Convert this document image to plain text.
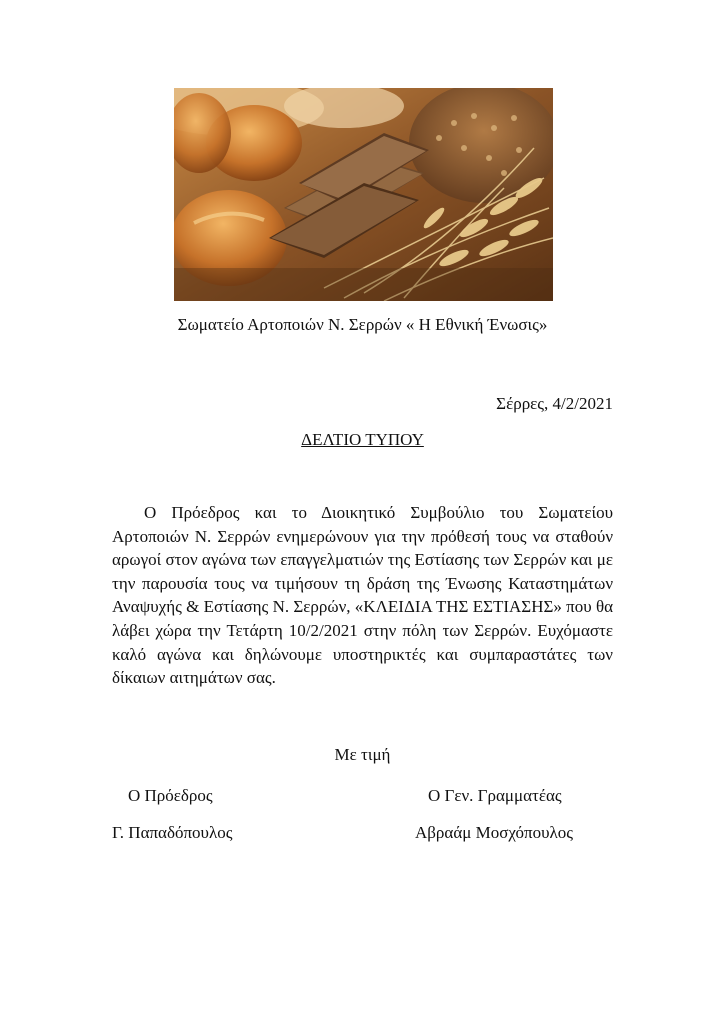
Σωματείο Αρτοποιών Ν. Σερρών « Η Εθνική Ένωσις»
Σέρρες, 4/2/2021
ΔΕΛΤΙΟ ΤΥΠΟΥ

Ο Πρόεδρος και το Διοικητικό Συμβούλιο του Σωματείου Αρτοποιών Ν. Σερρών ενημερώνουν για την πρόθεσή τους να σταθούν αρωγοί στον αγώνα των επαγγελματιών της Εστίασης των Σερρών και με την παρουσία τους να τιμήσουν τη δράση της Ένωσης Καταστημάτων Αναψυχής & Εστίασης Ν. Σερρών, «ΚΛΕΙΔΙΑ ΤΗΣ ΕΣΤΙΑΣΗΣ» που θα λάβει χώρα την Τετάρτη 10/2/2021 στην πόλη των Σερρών. Ευχόμαστε καλό αγώνα και δηλώνουμε υποστηρικτές και συμπαραστάτες των δίκαιων αιτημάτων σας.

Με τιμή
Ο Πρόεδρος
Γ. Παπαδόπουλος
Ο Γεν. Γραμματέας
Αβραάμ Μοσχόπουλος
